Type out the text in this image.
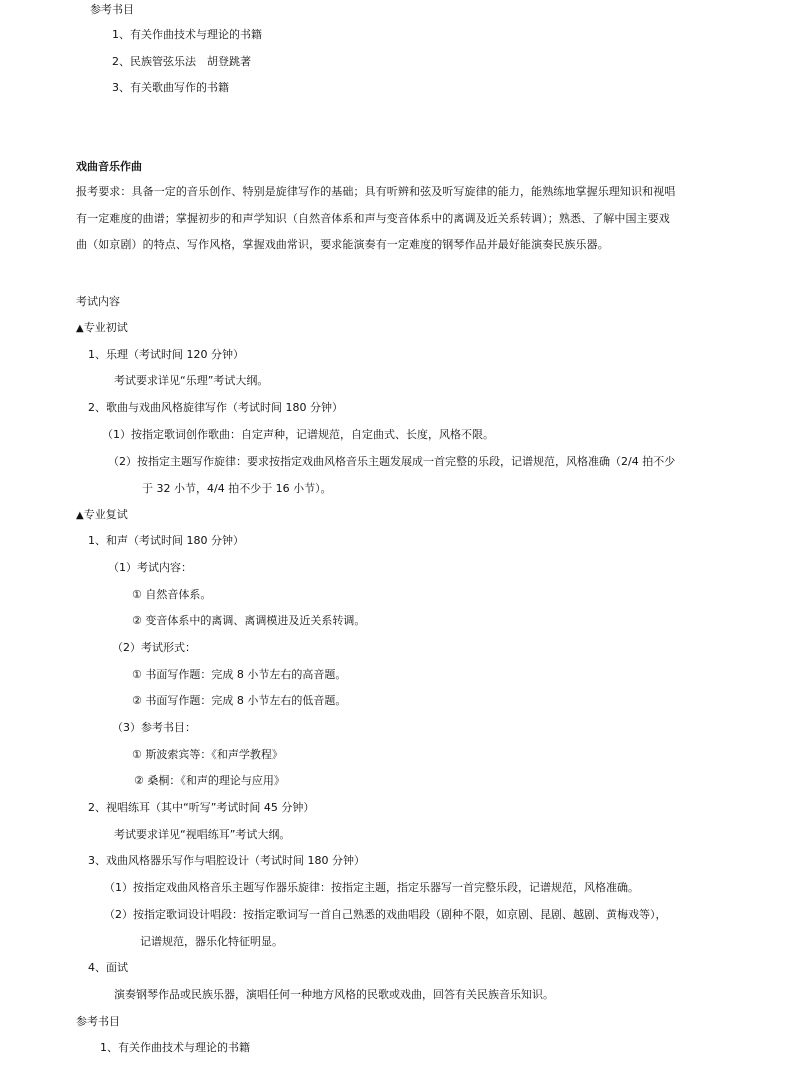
参考书目
1、有关作曲技术与理论的书籍
2、民族管弦乐法　胡登跳著
3、有关歌曲写作的书籍
戏曲音乐作曲
报考要求：具备一定的音乐创作、特别是旋律写作的基础；具有听辨和弦及听写旋律的能力，能熟练地掌握乐理知识和视唱
有一定难度的曲谱；掌握初步的和声学知识（自然音体系和声与变音体系中的离调及近关系转调）；熟悉、了解中国主要戏
曲（如京剧）的特点、写作风格，掌握戏曲常识，要求能演奏有一定难度的钢琴作品并最好能演奏民族乐器。
考试内容
▲专业初试
1、乐理（考试时间 120 分钟）
考试要求详见“乐理”考试大纲。
2、歌曲与戏曲风格旋律写作（考试时间 180 分钟）
（1）按指定歌词创作歌曲：自定声种，记谱规范，自定曲式、长度，风格不限。
（2）按指定主题写作旋律：要求按指定戏曲风格音乐主题发展成一首完整的乐段，记谱规范，风格准确（2/4 拍不少
于 32 小节，4/4 拍不少于 16 小节）。
▲专业复试
1、和声（考试时间 180 分钟）
（1）考试内容：
① 自然音体系。
② 变音体系中的离调、离调模进及近关系转调。
（2）考试形式：
① 书面写作题：完成 8 小节左右的高音题。
② 书面写作题：完成 8 小节左右的低音题。
（3）参考书目：
① 斯波索宾等：《和声学教程》
② 桑桐：《和声的理论与应用》
2、视唱练耳（其中“听写”考试时间 45 分钟）
考试要求详见“视唱练耳”考试大纲。
3、戏曲风格器乐写作与唱腔设计（考试时间 180 分钟）
（1）按指定戏曲风格音乐主题写作器乐旋律：按指定主题，指定乐器写一首完整乐段，记谱规范，风格准确。
（2）按指定歌词设计唱段：按指定歌词写一首自己熟悉的戏曲唱段（剧种不限，如京剧、昆剧、越剧、黄梅戏等），
记谱规范，器乐化特征明显。
4、面试
演奏钢琴作品或民族乐器，演唱任何一种地方风格的民歌或戏曲，回答有关民族音乐知识。
参考书目
1、有关作曲技术与理论的书籍
